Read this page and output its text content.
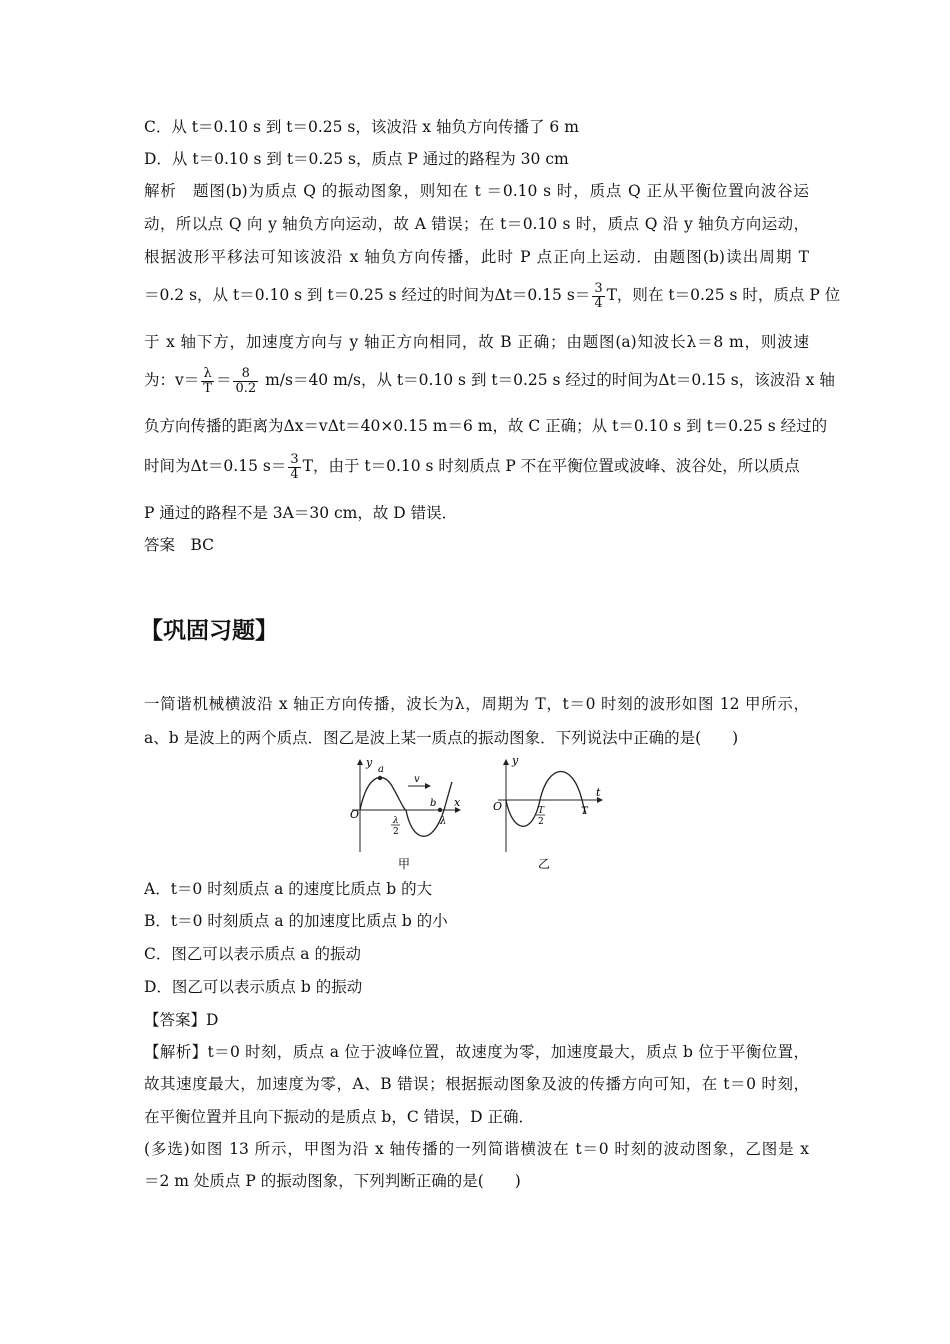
C．从 t＝0.10 s 到 t＝0.25 s，该波沿 x 轴负方向传播了 6 m
D．从 t＝0.10 s 到 t＝0.25 s，质点 P 通过的路程为 30 cm
解析　题图(b)为质点 Q 的振动图象，则知在 t ＝0.10 s 时，质点 Q 正从平衡位置向波谷运
动，所以点 Q 向 y 轴负方向运动，故 A 错误；在 t＝0.10 s 时，质点 Q 沿 y 轴负方向运动，
根据波形平移法可知该波沿 x 轴负方向传播，此时 P 点正向上运动．由题图(b)读出周期 T
＝0.2 s，从 t＝0.10 s 到 t＝0.25 s 经过的时间为Δt＝0.15 $s= \frac{3}{4}$ T，则在 t＝0.25 s 时，质点 P 位
于 x 轴下方，加速度方向与 y 轴正方向相同，故 B 正确；由题图(a)知波长λ＝8 m，则波速
为：$v= \frac{\lambda}{T} = \frac{8}{0.2} m/s=40$ m/s，从 t＝0.10 s 到 t＝0.25 s 经过的时间为Δt＝0.15 s，该波沿 x 轴
负方向传播的距离为Δx＝vΔt＝40×0.15 m＝6 m，故 C 正确；从 t＝0.10 s 到 t＝0.25 s 经过的
时间为Δt＝0.15 $s= \frac{3}{4}$ T，由于 t＝0.10 s 时刻质点 P 不在平衡位置或波峰、波谷处，所以质点
P 通过的路程不是 3A＝30 cm，故 D 错误．
答案　BC
【巩固习题】
一简谐机械横波沿 x 轴正方向传播，波长为λ，周期为 T，t＝0 时刻的波形如图 12 甲所示，
a、b 是波上的两个质点．图乙是波上某一质点的振动图象．下列说法中正确的是(　　)
y
x
O
a
b
v
λ
λ
2
甲
y
t
O	T
2
T
乙
A．t＝0 时刻质点 a 的速度比质点 b 的大
B．t＝0 时刻质点 a 的加速度比质点 b 的小
C．图乙可以表示质点 a 的振动
D．图乙可以表示质点 b 的振动
【答案】D
【解析】t＝0 时刻，质点 a 位于波峰位置，故速度为零，加速度最大，质点 b 位于平衡位置，
故其速度最大，加速度为零，A、B 错误；根据振动图象及波的传播方向可知，在 t＝0 时刻，
在平衡位置并且向下振动的是质点 b，C 错误，D 正确．
(多选)如图 13 所示，甲图为沿 x 轴传播的一列简谐横波在 t＝0 时刻的波动图象，乙图是 x
＝2 m 处质点 P 的振动图象，下列判断正确的是(　　)
